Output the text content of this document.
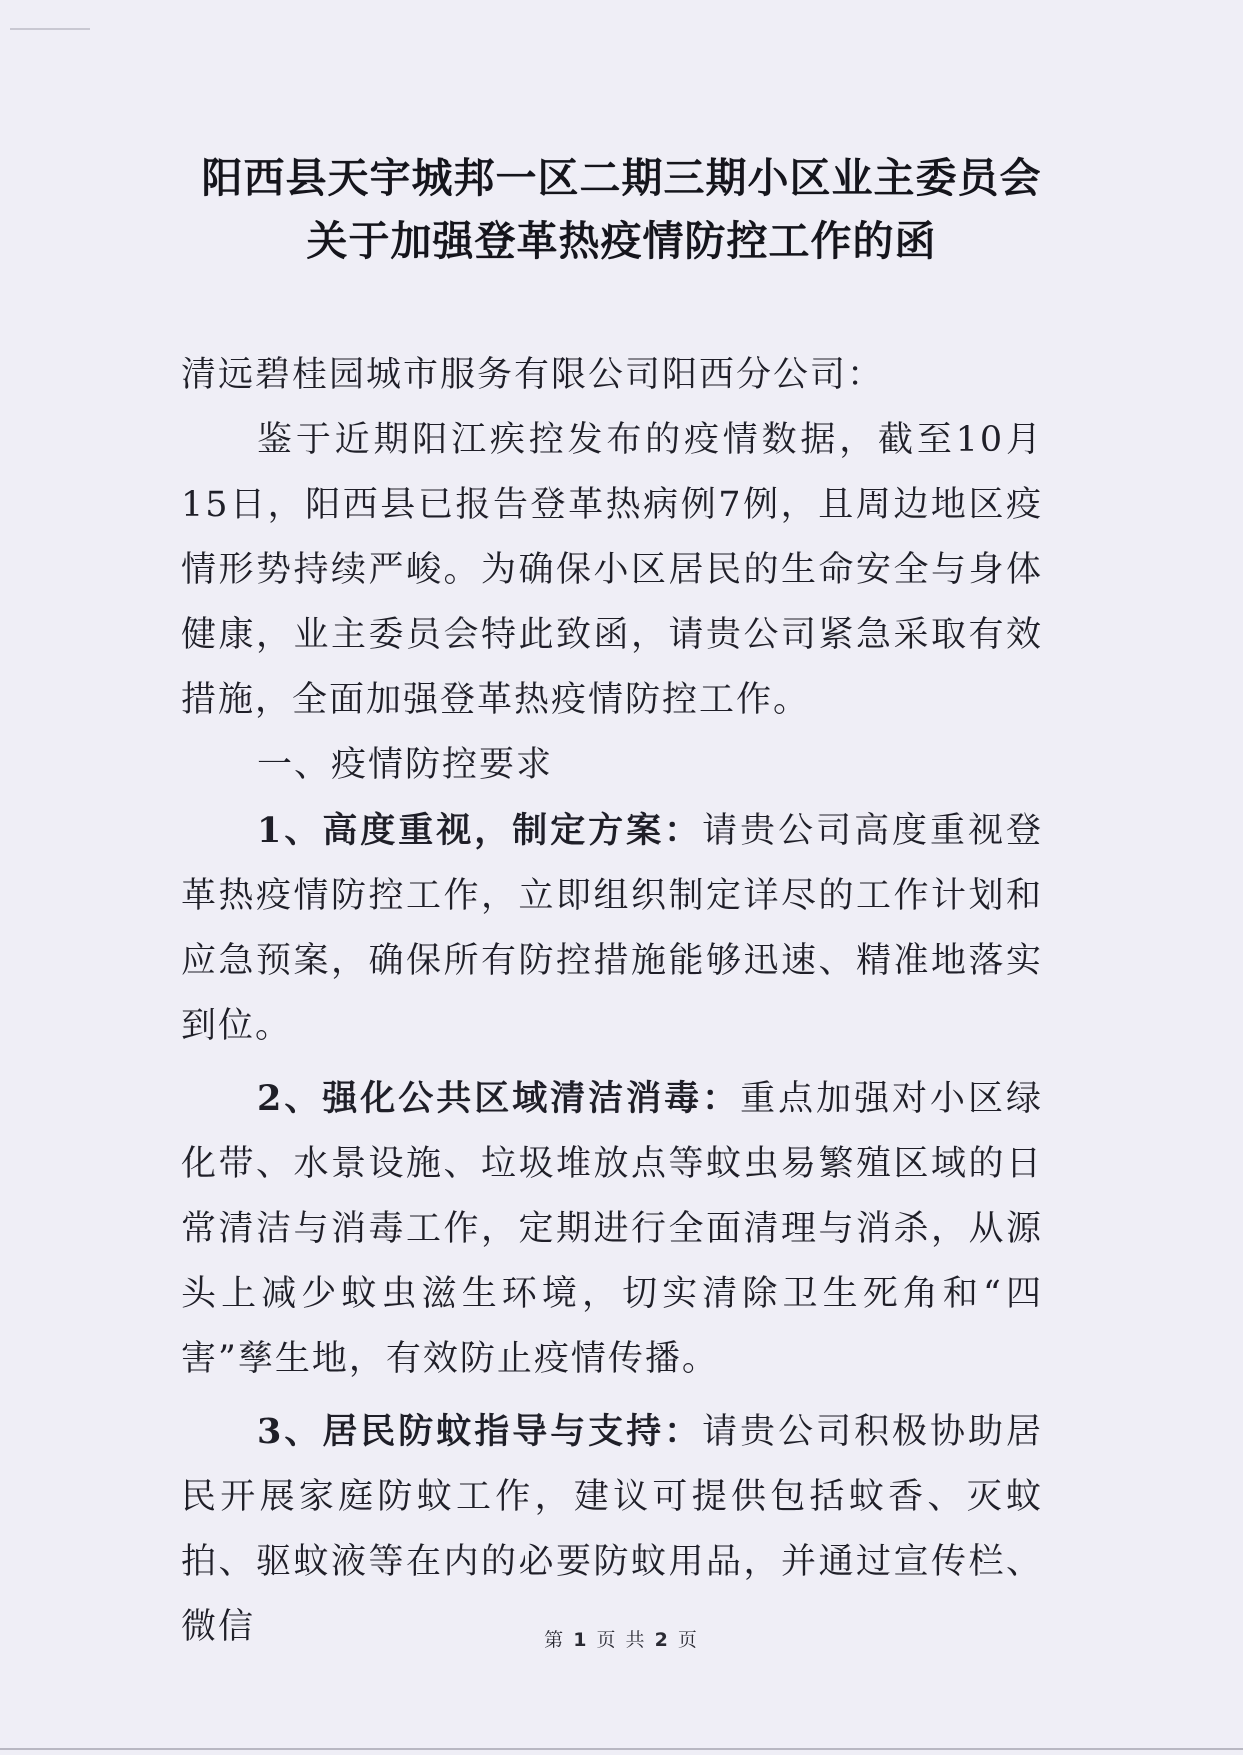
阳西县天宇城邦一区二期三期小区业主委员会
关于加强登革热疫情防控工作的函

清远碧桂园城市服务有限公司阳西分公司：

鉴于近期阳江疾控发布的疫情数据，截至10月15日，阳西县已报告登革热病例7例，且周边地区疫情形势持续严峻。为确保小区居民的生命安全与身体健康，业主委员会特此致函，请贵公司紧急采取有效措施，全面加强登革热疫情防控工作。

一、疫情防控要求

1、高度重视，制定方案：请贵公司高度重视登革热疫情防控工作，立即组织制定详尽的工作计划和应急预案，确保所有防控措施能够迅速、精准地落实到位。

2、强化公共区域清洁消毒：重点加强对小区绿化带、水景设施、垃圾堆放点等蚊虫易繁殖区域的日常清洁与消毒工作，定期进行全面清理与消杀，从源头上减少蚊虫滋生环境，切实清除卫生死角和“四害”孳生地，有效防止疫情传播。

3、居民防蚊指导与支持：请贵公司积极协助居民开展家庭防蚊工作，建议可提供包括蚊香、灭蚊拍、驱蚊液等在内的必要防蚊用品，并通过宣传栏、微信	第 1 页 共 2 页
